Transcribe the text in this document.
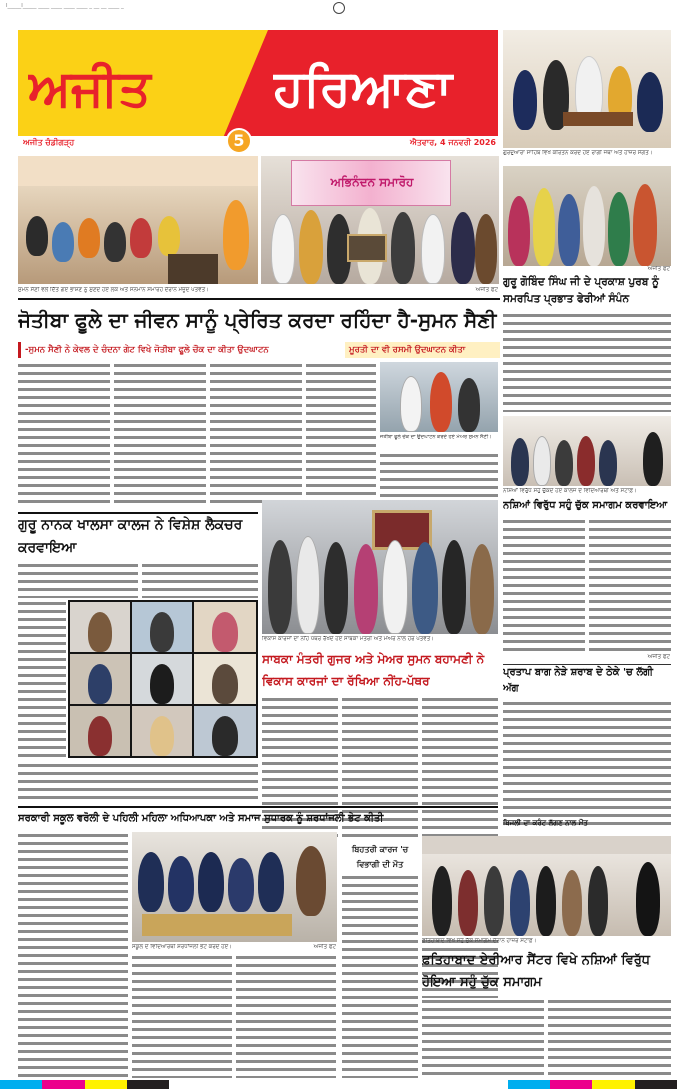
l_____l_____ ____ ____ ____ ____ _ __ __ ____ _
ਅਜੀਤ	ਹਰਿਆਣਾ
ਅਜੀਤ ਚੰਡੀਗੜ੍ਹ	5	ਐਤਵਾਰ, 4 ਜਨਵਰੀ 2026
ਗੁਰਦੁਆਰਾ ਸਾਹਿਬ ਵਿਖੇ ਕੀਰਤਨ ਕਰਦੇ ਹੋਏ ਰਾਗੀ ਜਥਾ ਅਤੇ ਹਾਜ਼ਰ ਸੰਗਤ।
ਅਜੀਤ ਫੋਟੋ
ਗੁਰੂ ਗੋਬਿੰਦ ਸਿੰਘ ਜੀ ਦੇ ਪ੍ਰਕਾਸ਼ ਪੁਰਬ ਨੂੰ ਸਮਰਪਿਤ ਪ੍ਰਭਾਤ ਫੇਰੀਆਂ ਸੰਪੰਨ
ਅਭਿਨੰਦਨ ਸਮਾਰੋਹ
ਸੁਮਨ ਸੈਣੀ ਵਲੋਂ ਦਿੱਤੇ ਗਏ ਭਾਸ਼ਣ ਨੂੰ ਸੁਣਦੇ ਹੋਏ ਲੋਕ ਅਤੇ ਸਨਮਾਨ ਸਮਾਰੋਹ ਦੌਰਾਨ ਮੌਜੂਦ ਪਤਵੰਤੇ।	ਅਜੀਤ ਫੋਟੋ
ਜੋਤੀਬਾ ਫੂਲੇ ਦਾ ਜੀਵਨ ਸਾਨੂੰ ਪ੍ਰੇਰਿਤ ਕਰਦਾ ਰਹਿੰਦਾ ਹੈ-ਸੁਮਨ ਸੈਣੀ
-ਸੁਮਨ ਸੈਣੀ ਨੇ ਕੇਵਲ ਦੇ ਚੰਦਨਾ ਗੇਟ ਵਿਖੇ ਜੋਤੀਬਾ ਫੂਲੇ ਚੌਕ ਦਾ ਕੀਤਾ ਉਦਘਾਟਨ	ਮੂਰਤੀ ਦਾ ਵੀ ਰਸਮੀ ਉਦਘਾਟਨ ਕੀਤਾ
ਜੋਤੀਬਾ ਫੂਲੇ ਚੌਕ ਦਾ ਉਦਘਾਟਨ ਕਰਦੇ ਹੋਏ ਮੇਅਰ ਸੁਮਨ ਸੈਣੀ।
ਨਸ਼ਿਆਂ ਵਿਰੁੱਧ ਸਹੁੰ ਚੁੱਕਦੇ ਹੋਏ ਕਾਲਜ ਦੇ ਵਿਦਿਆਰਥੀ ਅਤੇ ਸਟਾਫ਼।
ਨਸ਼ਿਆਂ ਵਿਰੁੱਧ ਸਹੁੰ ਚੁੱਕ ਸਮਾਗਮ ਕਰਵਾਇਆ
ਅਜੀਤ ਫੋਟੋ
ਪ੍ਰਤਾਪ ਬਾਗ ਨੇੜੇ ਸ਼ਰਾਬ ਦੇ ਠੇਕੇ 'ਚ ਲੱਗੀ ਅੱਗ
ਗੁਰੂ ਨਾਨਕ ਖਾਲਸਾ ਕਾਲਜ ਨੇ ਵਿਸ਼ੇਸ਼ ਲੈਕਚਰ ਕਰਵਾਇਆ
ਵਿਕਾਸ ਕਾਰਜਾਂ ਦਾ ਨੀਂਹ ਪੱਥਰ ਰੱਖਦੇ ਹੋਏ ਸਾਬਕਾ ਮੰਤਰੀ ਅਤੇ ਮੇਅਰ ਨਾਲ ਹੋਰ ਪਤਵੰਤੇ।
ਸਾਬਕਾ ਮੰਤਰੀ ਗੁਜਰ ਅਤੇ ਮੇਅਰ ਸੁਮਨ ਬਹਾਮਣੀ ਨੇ ਵਿਕਾਸ ਕਾਰਜਾਂ ਦਾ ਰੱਖਿਆ ਨੀਂਹ-ਪੱਥਰ
ਸਰਕਾਰੀ ਸਕੂਲ ਵਰੋਲੀ ਦੇ ਪਹਿਲੀ ਮਹਿਲਾ ਅਧਿਆਪਕਾ ਅਤੇ ਸਮਾਜ ਸੁਧਾਰਕ ਨੂੰ ਸ਼ਰਧਾਂਜਲੀ ਭੇਟ ਕੀਤੀ
ਸਕੂਲ ਦੇ ਵਿਦਿਆਰਥੀ ਸ਼ਰਧਾਂਜਲੀ ਭੇਟ ਕਰਦੇ ਹੋਏ।	ਅਜੀਤ ਫੋਟੋ
ਬਿਹਤਰੀ ਕਾਰਜ 'ਚ ਵਿਭਾਗੀ ਦੀ ਮੌਤ
ਫ਼ਤਿਹਾਬਾਦ ਵਿਖੇ ਸਹੁੰ ਚੁੱਕ ਸਮਾਗਮ ਦੌਰਾਨ ਹਾਜ਼ਰ ਸਟਾਫ਼।
ਫ਼ਤਿਹਾਬਾਦ ਏਰੀਆਰ ਸੈਂਟਰ ਵਿਖੇ ਨਸ਼ਿਆਂ ਵਿਰੁੱਧ ਹੋਇਆ ਸਹੁੰ ਚੁੱਕ ਸਮਾਗਮ
ਬਿਜਲੀ ਦਾ ਕਰੰਟ ਲੱਗਣ ਨਾਲ ਮੌਤ
